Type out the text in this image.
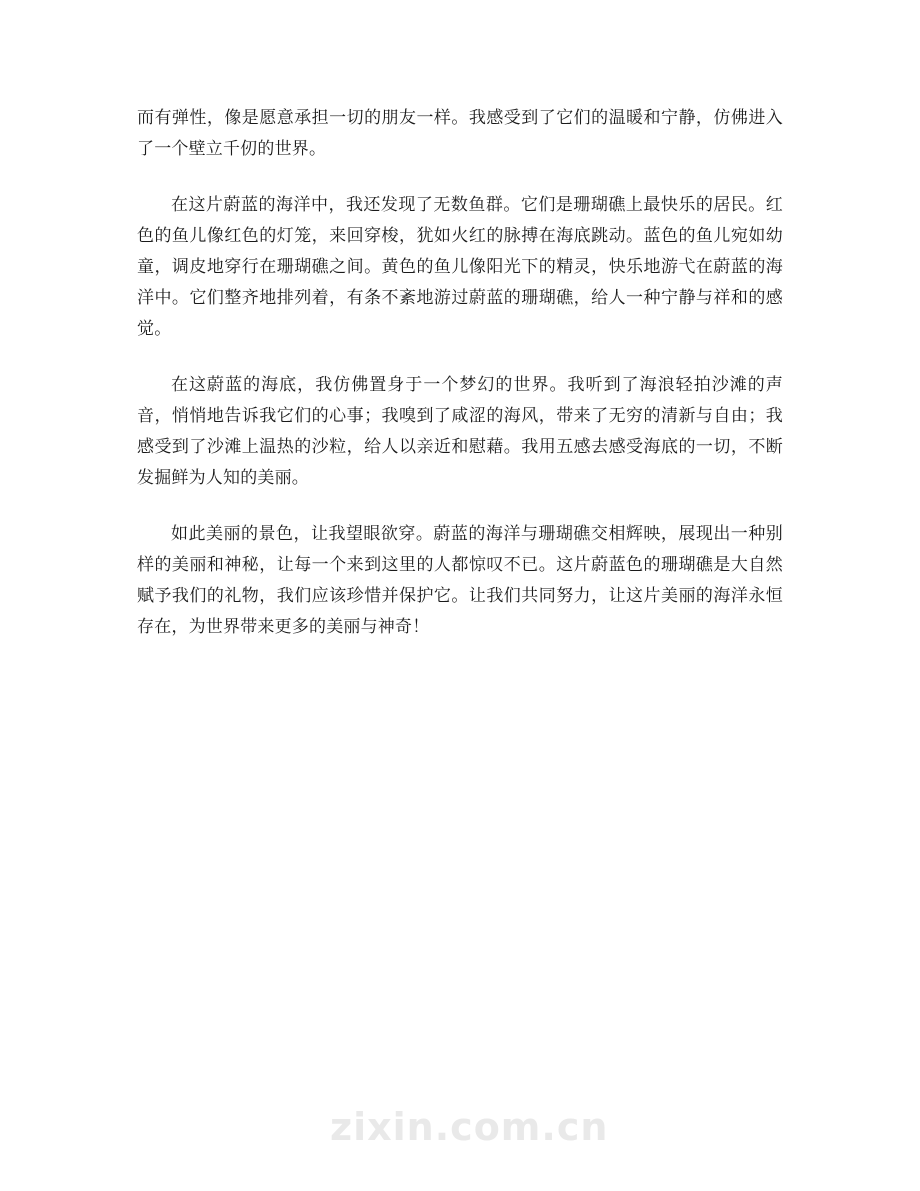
而有弹性，像是愿意承担一切的朋友一样。我感受到了它们的温暖和宁静，仿佛进入了一个壁立千仞的世界。

在这片蔚蓝的海洋中，我还发现了无数鱼群。它们是珊瑚礁上最快乐的居民。红色的鱼儿像红色的灯笼，来回穿梭，犹如火红的脉搏在海底跳动。蓝色的鱼儿宛如幼童，调皮地穿行在珊瑚礁之间。黄色的鱼儿像阳光下的精灵，快乐地游弋在蔚蓝的海洋中。它们整齐地排列着，有条不紊地游过蔚蓝的珊瑚礁，给人一种宁静与祥和的感觉。

在这蔚蓝的海底，我仿佛置身于一个梦幻的世界。我听到了海浪轻拍沙滩的声音，悄悄地告诉我它们的心事；我嗅到了咸涩的海风，带来了无穷的清新与自由；我感受到了沙滩上温热的沙粒，给人以亲近和慰藉。我用五感去感受海底的一切，不断发掘鲜为人知的美丽。

如此美丽的景色，让我望眼欲穿。蔚蓝的海洋与珊瑚礁交相辉映，展现出一种别样的美丽和神秘，让每一个来到这里的人都惊叹不已。这片蔚蓝色的珊瑚礁是大自然赋予我们的礼物，我们应该珍惜并保护它。让我们共同努力，让这片美丽的海洋永恒存在，为世界带来更多的美丽与神奇！

zixin.com.cn
